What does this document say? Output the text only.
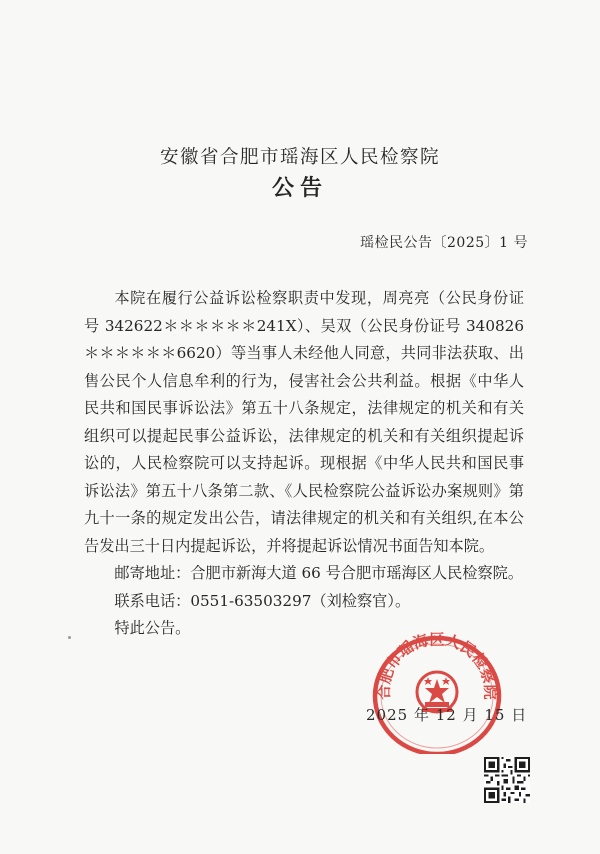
安徽省合肥市瑶海区人民检察院
公告
瑶检民公告〔2025〕1 号

本院在履行公益诉讼检察职责中发现，周亮亮（公民身份证号 342622＊＊＊＊＊＊241X）、吴双（公民身份证号 340826＊＊＊＊＊＊6620）等当事人未经他人同意，共同非法获取、出售公民个人信息牟利的行为，侵害社会公共利益。根据《中华人民共和国民事诉讼法》第五十八条规定，法律规定的机关和有关组织可以提起民事公益诉讼，法律规定的机关和有关组织提起诉讼的，人民检察院可以支持起诉。现根据《中华人民共和国民事诉讼法》第五十八条第二款、《人民检察院公益诉讼办案规则》第九十一条的规定发出公告，请法律规定的机关和有关组织,在本公告发出三十日内提起诉讼，并将提起诉讼情况书面告知本院。

邮寄地址：合肥市新海大道 66 号合肥市瑶海区人民检察院。

联系电话：0551-63503297（刘检察官）。

特此公告。

合肥市瑶海区人民检察院
2025 年 12 月 15 日
